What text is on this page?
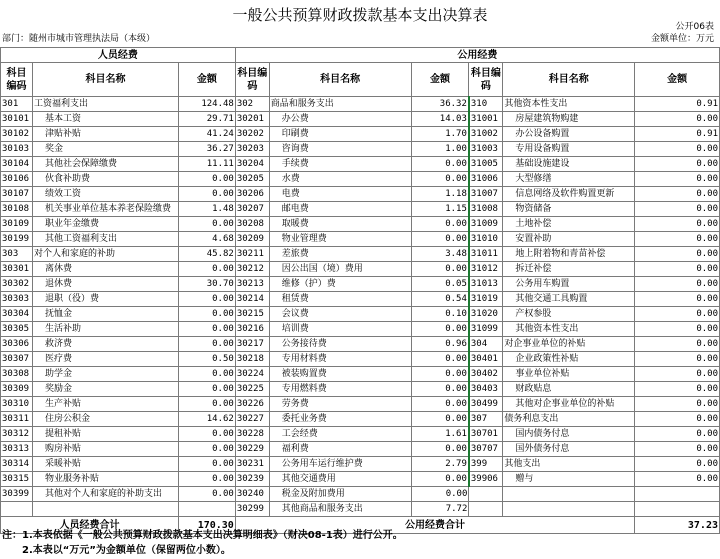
一般公共预算财政拨款基本支出决算表
公开06表
部门：随州市城市管理执法局（本级）	金额单位：万元
人员经费			公用经费					
科目编码	科目名称	金额	科目编码	科目名称	金额	科目编码	科目名称	金额
301	工资福利支出	124.48	302	商品和服务支出	36.32	310	其他资本性支出	0.91
30101	基本工资	29.71	30201	办公费	14.03	31001	房屋建筑物购建	0.00
30102	津贴补贴	41.24	30202	印刷费	1.70	31002	办公设备购置	0.91
30103	奖金	36.27	30203	咨询费	1.00	31003	专用设备购置	0.00
30104	其他社会保障缴费	11.11	30204	手续费	0.00	31005	基础设施建设	0.00
30106	伙食补助费	0.00	30205	水费	0.00	31006	大型修缮	0.00
30107	绩效工资	0.00	30206	电费	1.18	31007	信息网络及软件购置更新	0.00
30108	机关事业单位基本养老保险缴费	1.48	30207	邮电费	1.15	31008	物资储备	0.00
30109	职业年金缴费	0.00	30208	取暖费	0.00	31009	土地补偿	0.00
30199	其他工资福利支出	4.68	30209	物业管理费	0.00	31010	安置补助	0.00
303	对个人和家庭的补助	45.82	30211	差旅费	3.48	31011	地上附着物和青苗补偿	0.00
30301	离休费	0.00	30212	因公出国（境）费用	0.00	31012	拆迁补偿	0.00
30302	退休费	30.70	30213	维修（护）费	0.05	31013	公务用车购置	0.00
30303	退职（役）费	0.00	30214	租赁费	0.54	31019	其他交通工具购置	0.00
30304	抚恤金	0.00	30215	会议费	0.10	31020	产权参股	0.00
30305	生活补助	0.00	30216	培训费	0.00	31099	其他资本性支出	0.00
30306	救济费	0.00	30217	公务接待费	0.96	304	对企事业单位的补贴	0.00
30307	医疗费	0.50	30218	专用材料费	0.00	30401	企业政策性补贴	0.00
30308	助学金	0.00	30224	被装购置费	0.00	30402	事业单位补贴	0.00
30309	奖励金	0.00	30225	专用燃料费	0.00	30403	财政贴息	0.00
30310	生产补贴	0.00	30226	劳务费	0.00	30499	其他对企事业单位的补贴	0.00
30311	住房公积金	14.62	30227	委托业务费	0.00	307	债务利息支出	0.00
30312	提租补贴	0.00	30228	工会经费	1.61	30701	国内债务付息	0.00
30313	购房补贴	0.00	30229	福利费	0.00	30707	国外债务付息	0.00
30314	采暖补贴	0.00	30231	公务用车运行维护费	2.79	399	其他支出	0.00
30315	物业服务补贴	0.00	30239	其他交通费用	0.00	39906	赠与	0.00
30399	其他对个人和家庭的补助支出	0.00	30240	税金及附加费用	0.00			
			30299	其他商品和服务支出	7.72			
人员经费合计		170.30	公用经费合计					37.23
注：1.本表依据《一般公共预算财政拨款基本支出决算明细表》（财决08-1表）进行公开。
2.本表以“万元”为金额单位（保留两位小数）。
